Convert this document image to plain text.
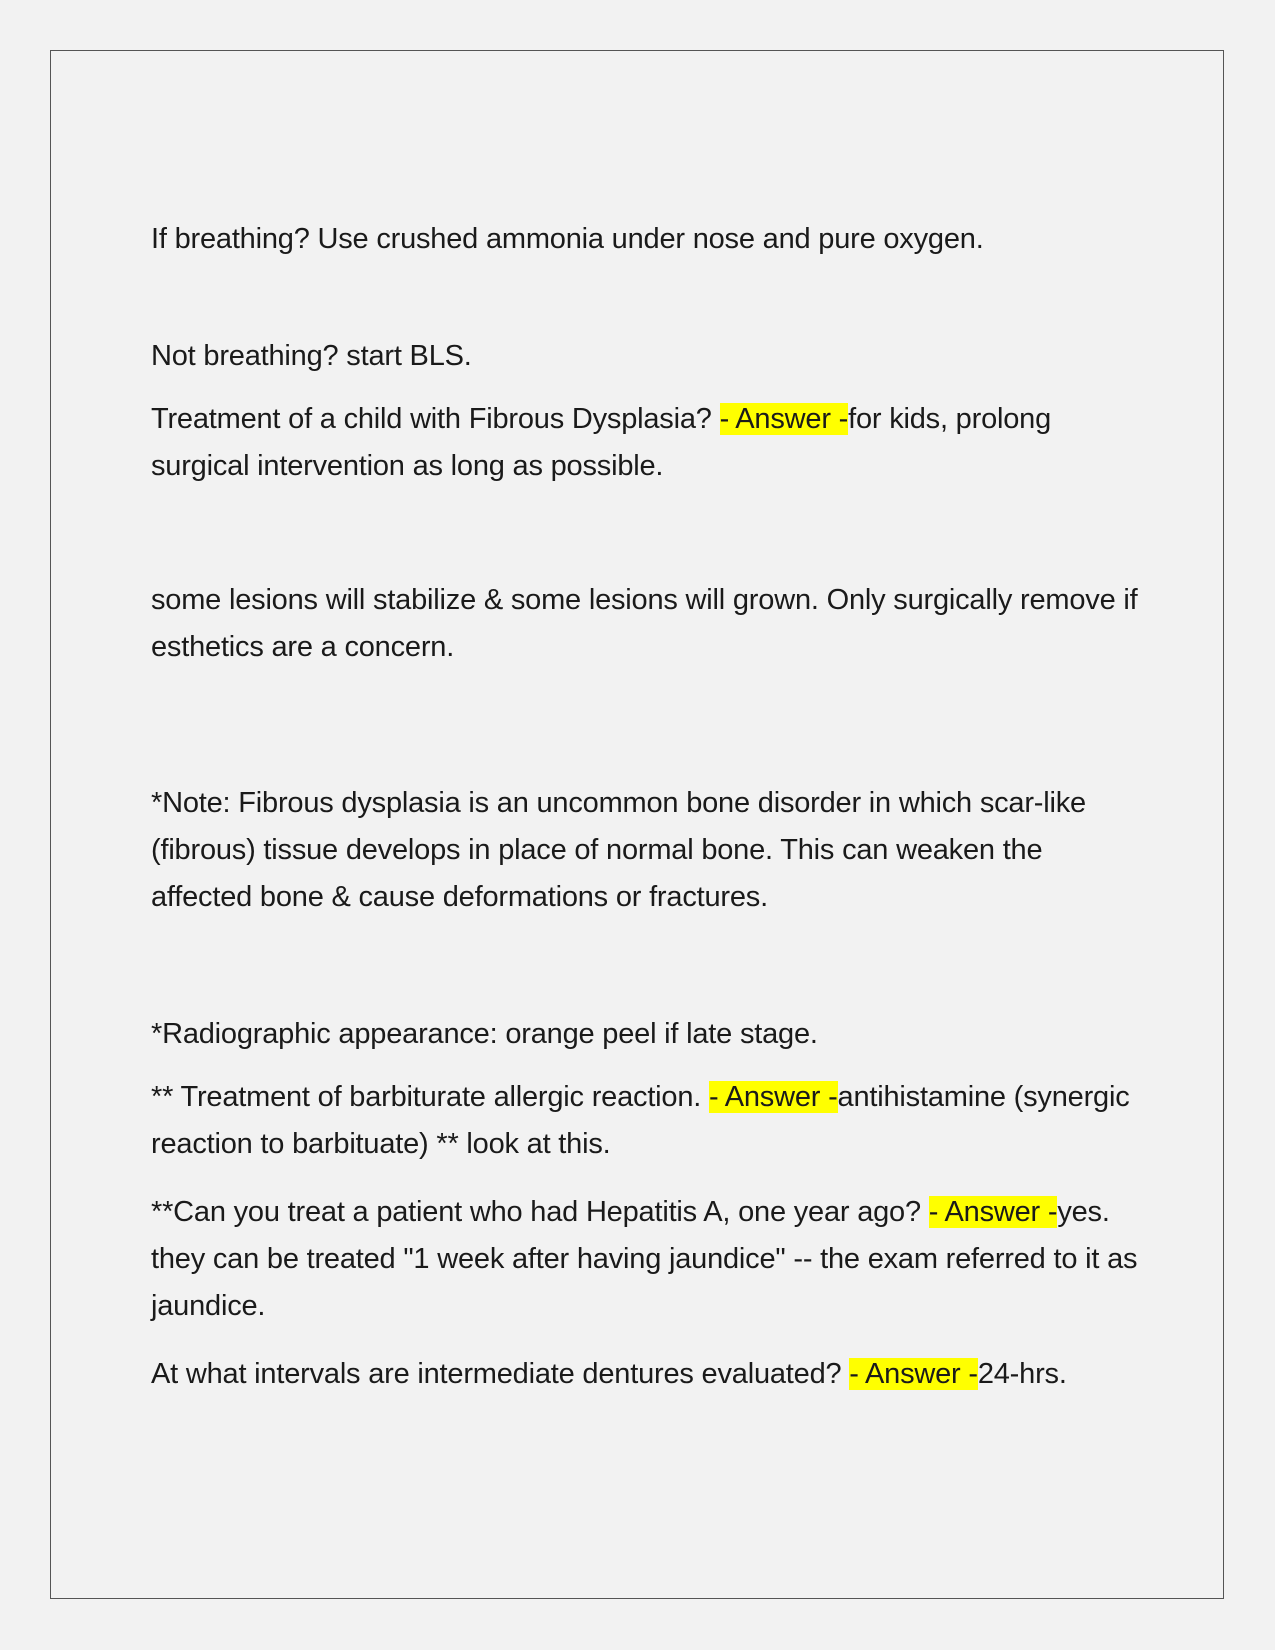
If breathing? Use crushed ammonia under nose and pure oxygen.

Not breathing? start BLS.

Treatment of a child with Fibrous Dysplasia? - Answer -for kids, prolong surgical intervention as long as possible.

some lesions will stabilize & some lesions will grown. Only surgically remove if esthetics are a concern.

*Note: Fibrous dysplasia is an uncommon bone disorder in which scar-like (fibrous) tissue develops in place of normal bone. This can weaken the affected bone & cause deformations or fractures.

*Radiographic appearance: orange peel if late stage.

** Treatment of barbiturate allergic reaction. - Answer -antihistamine (synergic reaction to barbituate) ** look at this.

**Can you treat a patient who had Hepatitis A, one year ago? - Answer -yes. they can be treated "1 week after having jaundice" -- the exam referred to it as jaundice.

At what intervals are intermediate dentures evaluated? - Answer -24-hrs.
